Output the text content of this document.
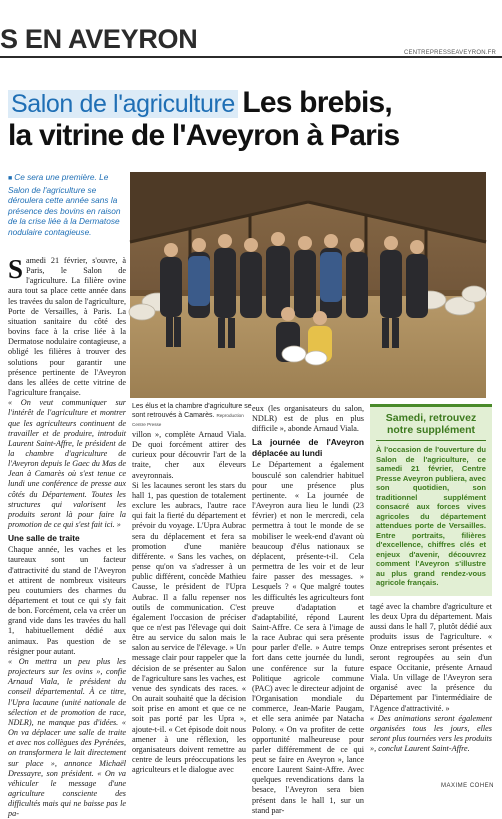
S EN AVEYRON	CENTREPRESSEAVEYRON.FR
Salon de l'agriculture Les brebis,
la vitrine de l'Aveyron à Paris
■ Ce sera une première. Le Salon de l'agriculture se déroulera cette année sans la présence des bovins en raison de la crise liée à la Dermatose nodulaire contagieuse.
Les élus et la chambre d'agriculture se sont retrouvés à Camarès. Reproduction Centre Presse

Samedi 21 février, s'ouvre, à Paris, le Salon de l'agriculture. La filière ovine aura tout sa place cette année dans les travées du salon de l'agriculture, Porte de Versailles, à Paris. La situation sanitaire du côté des bovins face à la crise liée à la Dermatose nodulaire contagieuse, a obligé les filières à trouver des solutions pour garantir une présence pertinente de l'Aveyron dans les allées de cette vitrine de l'agriculture française.

« On veut communiquer sur l'intérêt de l'agriculture et montrer que les agriculteurs continuent de travailler et de produire, introduit Laurent Saint-Affre, le président de la chambre d'agriculture de l'Aveyron depuis le Gaec du Mas de Jean à Camarès où s'est tenue ce lundi une conférence de presse aux côtés du Département. Toutes les structures qui valorisent les produits seront là pour faire la promotion de ce qui s'est fait ici. »

Une salle de traite

Chaque année, les vaches et les taureaux sont un facteur d'attractivité du stand de l'Aveyron et attirent de nombreux visiteurs peu coutumiers des charmes du département et tout ce qui s'y fait de bon. Forcément, cela va créer un grand vide dans les travées du hall 1, habituellement dédié aux animaux. Pas question de se résigner pour autant.

« On mettra un peu plus les projecteurs sur les ovins », confie Arnaud Viala, le président du conseil départemental. À ce titre, l'Upra lacaune (unité nationale de sélection et de promotion de race, NDLR), ne manque pas d'idées. « On va déplacer une salle de traite et avec nos collègues des Pyrénées, on transformera le lait directement sur place », annonce Michaël Dressayre, son président. « On va véhiculer le message d'une agriculture consciente des difficultés mais qui ne baisse pas le pa-

villon », complète Arnaud Viala. De quoi forcément attirer des curieux pour découvrir l'art de la traite, cher aux éleveurs aveyronnais.

Si les lacaunes seront les stars du hall 1, pas question de totalement exclure les aubracs, l'autre race qui fait la fierté du département et prévoir du voyage. L'Upra Aubrac sera du déplacement et fera sa promotion d'une manière différente. « Sans les vaches, on pense qu'on va s'adresser à un public différent, concède Mathieu Causse, le président de l'Upra Aubrac. Il a fallu repenser nos outils de communication. C'est également l'occasion de préciser que ce n'est pas l'élevage qui doit être au service du salon mais le salon au service de l'élevage. » Un message clair pour rappeler que la décision de se présenter au Salon de l'agriculture sans les vaches, est venue des syndicats des races. « On aurait souhaité que la décision soit prise en amont et que ce ne soit pas porté par les Upra », ajoute-t-il. « Cet épisode doit nous amener à une réflexion, les organisateurs doivent remettre au centre de leurs préoccupations les agriculteurs et le dialogue avec

eux (les organisateurs du salon, NDLR) est de plus en plus difficile », abonde Arnaud Viala.

La journée de l'Aveyron déplacée au lundi

Le Département a également bousculé son calendrier habituel pour une présence plus pertinente. « La journée de l'Aveyron aura lieu le lundi (23 février) et non le mercredi, cela permettra à tout le monde de se mobiliser le week-end d'avant où beaucoup d'élus nationaux se déplacent, présente-t-il. Cela permettra de les voir et de leur faire passer des messages. » Lesquels ? « Que malgré toutes les difficultés les agriculteurs font preuve d'adaptation et d'adaptabilité, répond Laurent Saint-Affre. Ce sera à l'image de la race Aubrac qui sera présente pour parler d'elle. » Autre temps fort dans cette journée du lundi, une conférence sur la future Politique agricole commune (PAC) avec le directeur adjoint de l'Organisation mondiale du commerce, Jean-Marie Paugam, et elle sera animée par Natacha Polony. « On va profiter de cette opportunité malheureuse pour parler différemment de ce qui peut se faire en Aveyron », lance encore Laurent Saint-Affre. Avec quelques revendications dans la besace, l'Aveyron sera bien présent dans le hall 1, sur un stand par-

Samedi, retrouvez notre supplément
À l'occasion de l'ouverture du Salon de l'agriculture, ce samedi 21 février, Centre Presse Aveyron publiera, avec son quotidien, son traditionnel supplément consacré aux forces vives agricoles du département attendues porte de Versailles. Entre portraits, filières d'excellence, chiffres clés et enjeux d'avenir, découvrez comment l'Aveyron s'illustre au plus grand rendez-vous agricole français.

tagé avec la chambre d'agriculture et les deux Upra du département. Mais aussi dans le hall 7, plutôt dédié aux produits issus de l'agriculture. « Onze entreprises seront présentes et seront regroupées au sein d'un espace Occitanie, présente Arnaud Viala. Un village de l'Aveyron sera organisé avec la présence du Département par l'intermédiaire de l'Agence d'attractivité. »

« Des animations seront également organisées tous les jours, elles seront plus tournées vers les produits », conclut Laurent Saint-Affre.

MAXIME COHEN
